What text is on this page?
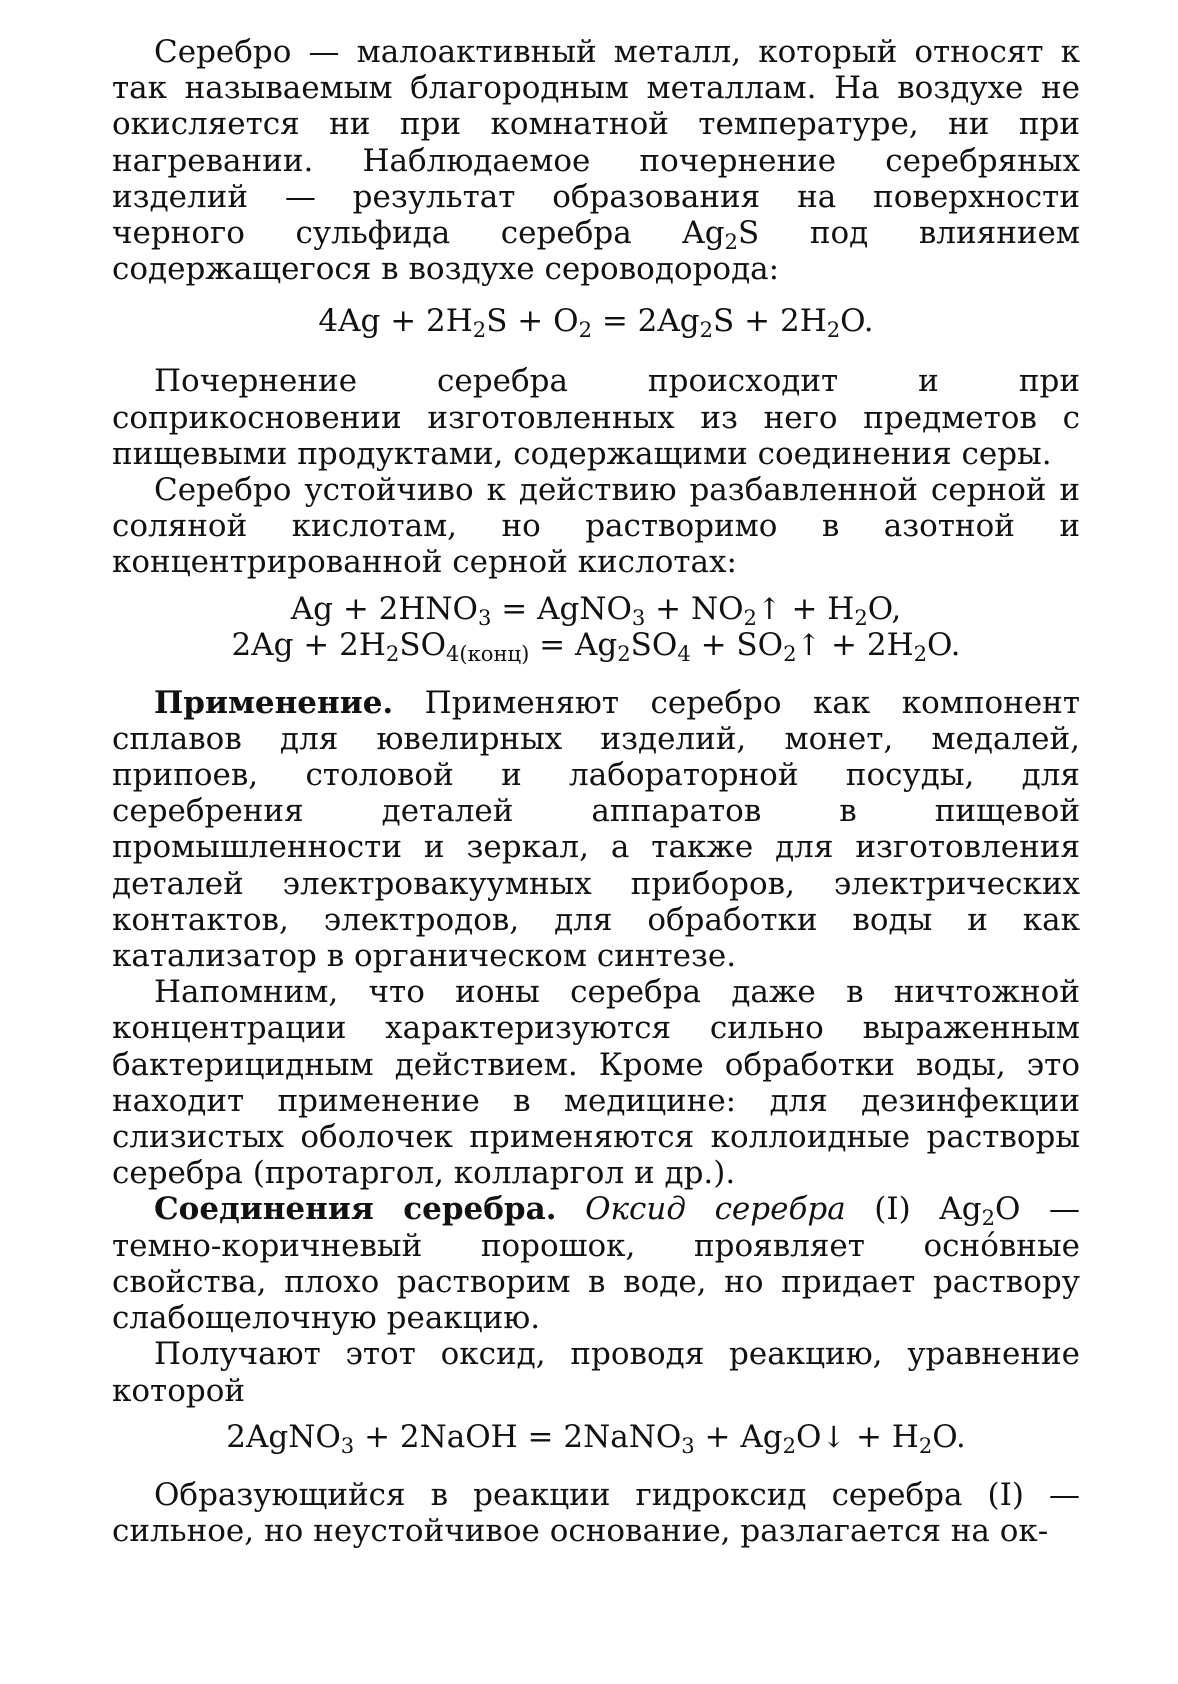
Серебро — малоактивный металл, который относят к так называемым благородным металлам. На воздухе не окисляется ни при комнатной температуре, ни при нагревании. Наблюдаемое почернение серебряных изделий — результат образования на поверхности черного сульфида серебра $Ag_2S$ под влиянием содержащегося в воздухе сероводорода:

$4Ag + 2H_2S + O_2 = 2Ag_2S + 2H_2O$.

Почернение серебра происходит и при соприкосновении изготовленных из него предметов с пищевыми продуктами, содержащими соединения серы.

Серебро устойчиво к действию разбавленной серной и соляной кислотам, но растворимо в азотной и концентрированной серной кислотах:

$Ag + 2HNO_3$ = AgNO$_3$ + $NO_2↑ + H_2O$,

$2Ag + 2H_2SO_{4(конц)} = Ag_2SO_4$ + $SO_2↑ + 2H_2O$.

Применение. Применяют серебро как компонент сплавов для ювелирных изделий, монет, медалей, припоев, столовой и лабораторной посуды, для серебрения деталей аппаратов в пищевой промышленности и зеркал, а также для изготовления деталей электровакуумных приборов, электрических контактов, электродов, для обработки воды и как катализатор в органическом синтезе.

Напомним, что ионы серебра даже в ничтожной концентрации характеризуются сильно выраженным бактерицидным действием. Кроме обработки воды, это находит применение в медицине: для дезинфекции слизистых оболочек применяются коллоидные растворы серебра (протаргол, колларгол и др.).

Соединения серебра. Оксид серебра (I) $Ag_2O$ — темно-коричневый порошок, проявляет осно́вные свойства, плохо растворим в воде, но придает раствору слабощелочную реакцию.

Получают этот оксид, проводя реакцию, уравнение которой

2AgNO$_3$ + 2NaOH = 2NaNO$_3$ + $Ag_2O↓ + H_2O$.

Образующийся в реакции гидроксид серебра (I) — сильное, но неустойчивое основание, разлагается на ок-
